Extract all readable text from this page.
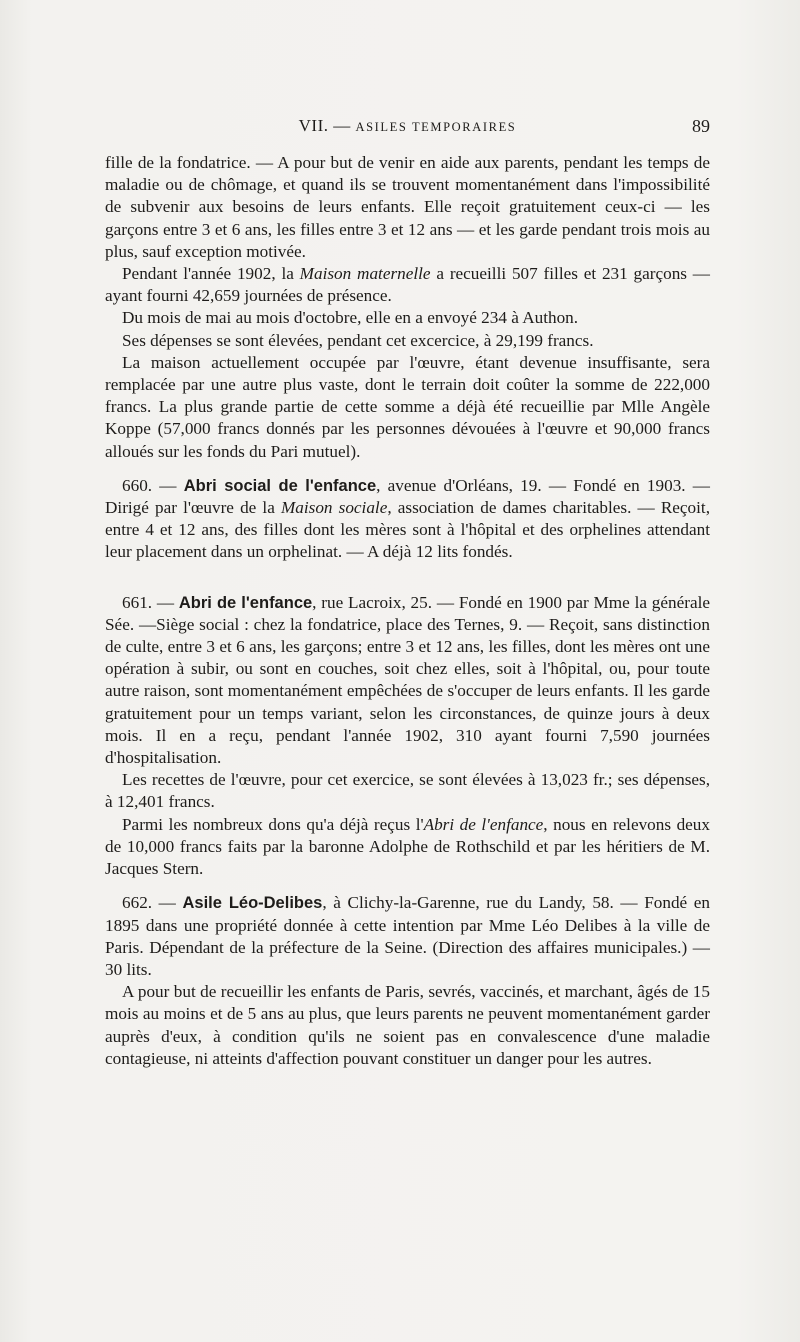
VII. — ASILES TEMPORAIRES	89

fille de la fondatrice. — A pour but de venir en aide aux parents, pendant les temps de maladie ou de chômage, et quand ils se trouvent momentanément dans l'impossibilité de subvenir aux besoins de leurs enfants. Elle reçoit gratuitement ceux-ci — les garçons entre 3 et 6 ans, les filles entre 3 et 12 ans — et les garde pendant trois mois au plus, sauf exception motivée.

Pendant l'année 1902, la Maison maternelle a recueilli 507 filles et 231 garçons — ayant fourni 42,659 journées de présence.

Du mois de mai au mois d'octobre, elle en a envoyé 234 à Authon.

Ses dépenses se sont élevées, pendant cet excercice, à 29,199 francs.

La maison actuellement occupée par l'œuvre, étant devenue insuffisante, sera remplacée par une autre plus vaste, dont le terrain doit coûter la somme de 222,000 francs. La plus grande partie de cette somme a déjà été recueillie par Mlle Angèle Koppe (57,000 francs donnés par les personnes dévouées à l'œuvre et 90,000 francs alloués sur les fonds du Pari mutuel).

660. — Abri social de l'enfance, avenue d'Orléans, 19. — Fondé en 1903. — Dirigé par l'œuvre de la Maison sociale, association de dames charitables. — Reçoit, entre 4 et 12 ans, des filles dont les mères sont à l'hôpital et des orphelines attendant leur placement dans un orphelinat. — A déjà 12 lits fondés.

661. — Abri de l'enfance, rue Lacroix, 25. — Fondé en 1900 par Mme la générale Sée. —Siège social : chez la fondatrice, place des Ternes, 9. — Reçoit, sans distinction de culte, entre 3 et 6 ans, les garçons; entre 3 et 12 ans, les filles, dont les mères ont une opération à subir, ou sont en couches, soit chez elles, soit à l'hôpital, ou, pour toute autre raison, sont momentanément empêchées de s'occuper de leurs enfants. Il les garde gratuitement pour un temps variant, selon les circonstances, de quinze jours à deux mois. Il en a reçu, pendant l'année 1902, 310 ayant fourni 7,590 journées d'hospitalisation.

Les recettes de l'œuvre, pour cet exercice, se sont élevées à 13,023 fr.; ses dépenses, à 12,401 francs.

Parmi les nombreux dons qu'a déjà reçus l'Abri de l'enfance, nous en relevons deux de 10,000 francs faits par la baronne Adolphe de Rothschild et par les héritiers de M. Jacques Stern.

662. — Asile Léo-Delibes, à Clichy-la-Garenne, rue du Landy, 58. — Fondé en 1895 dans une propriété donnée à cette intention par Mme Léo Delibes à la ville de Paris. Dépendant de la préfecture de la Seine. (Direction des affaires municipales.) — 30 lits.

A pour but de recueillir les enfants de Paris, sevrés, vaccinés, et marchant, âgés de 15 mois au moins et de 5 ans au plus, que leurs parents ne peuvent momentanément garder auprès d'eux, à condition qu'ils ne soient pas en convalescence d'une maladie contagieuse, ni atteints d'affection pouvant constituer un danger pour les autres.
